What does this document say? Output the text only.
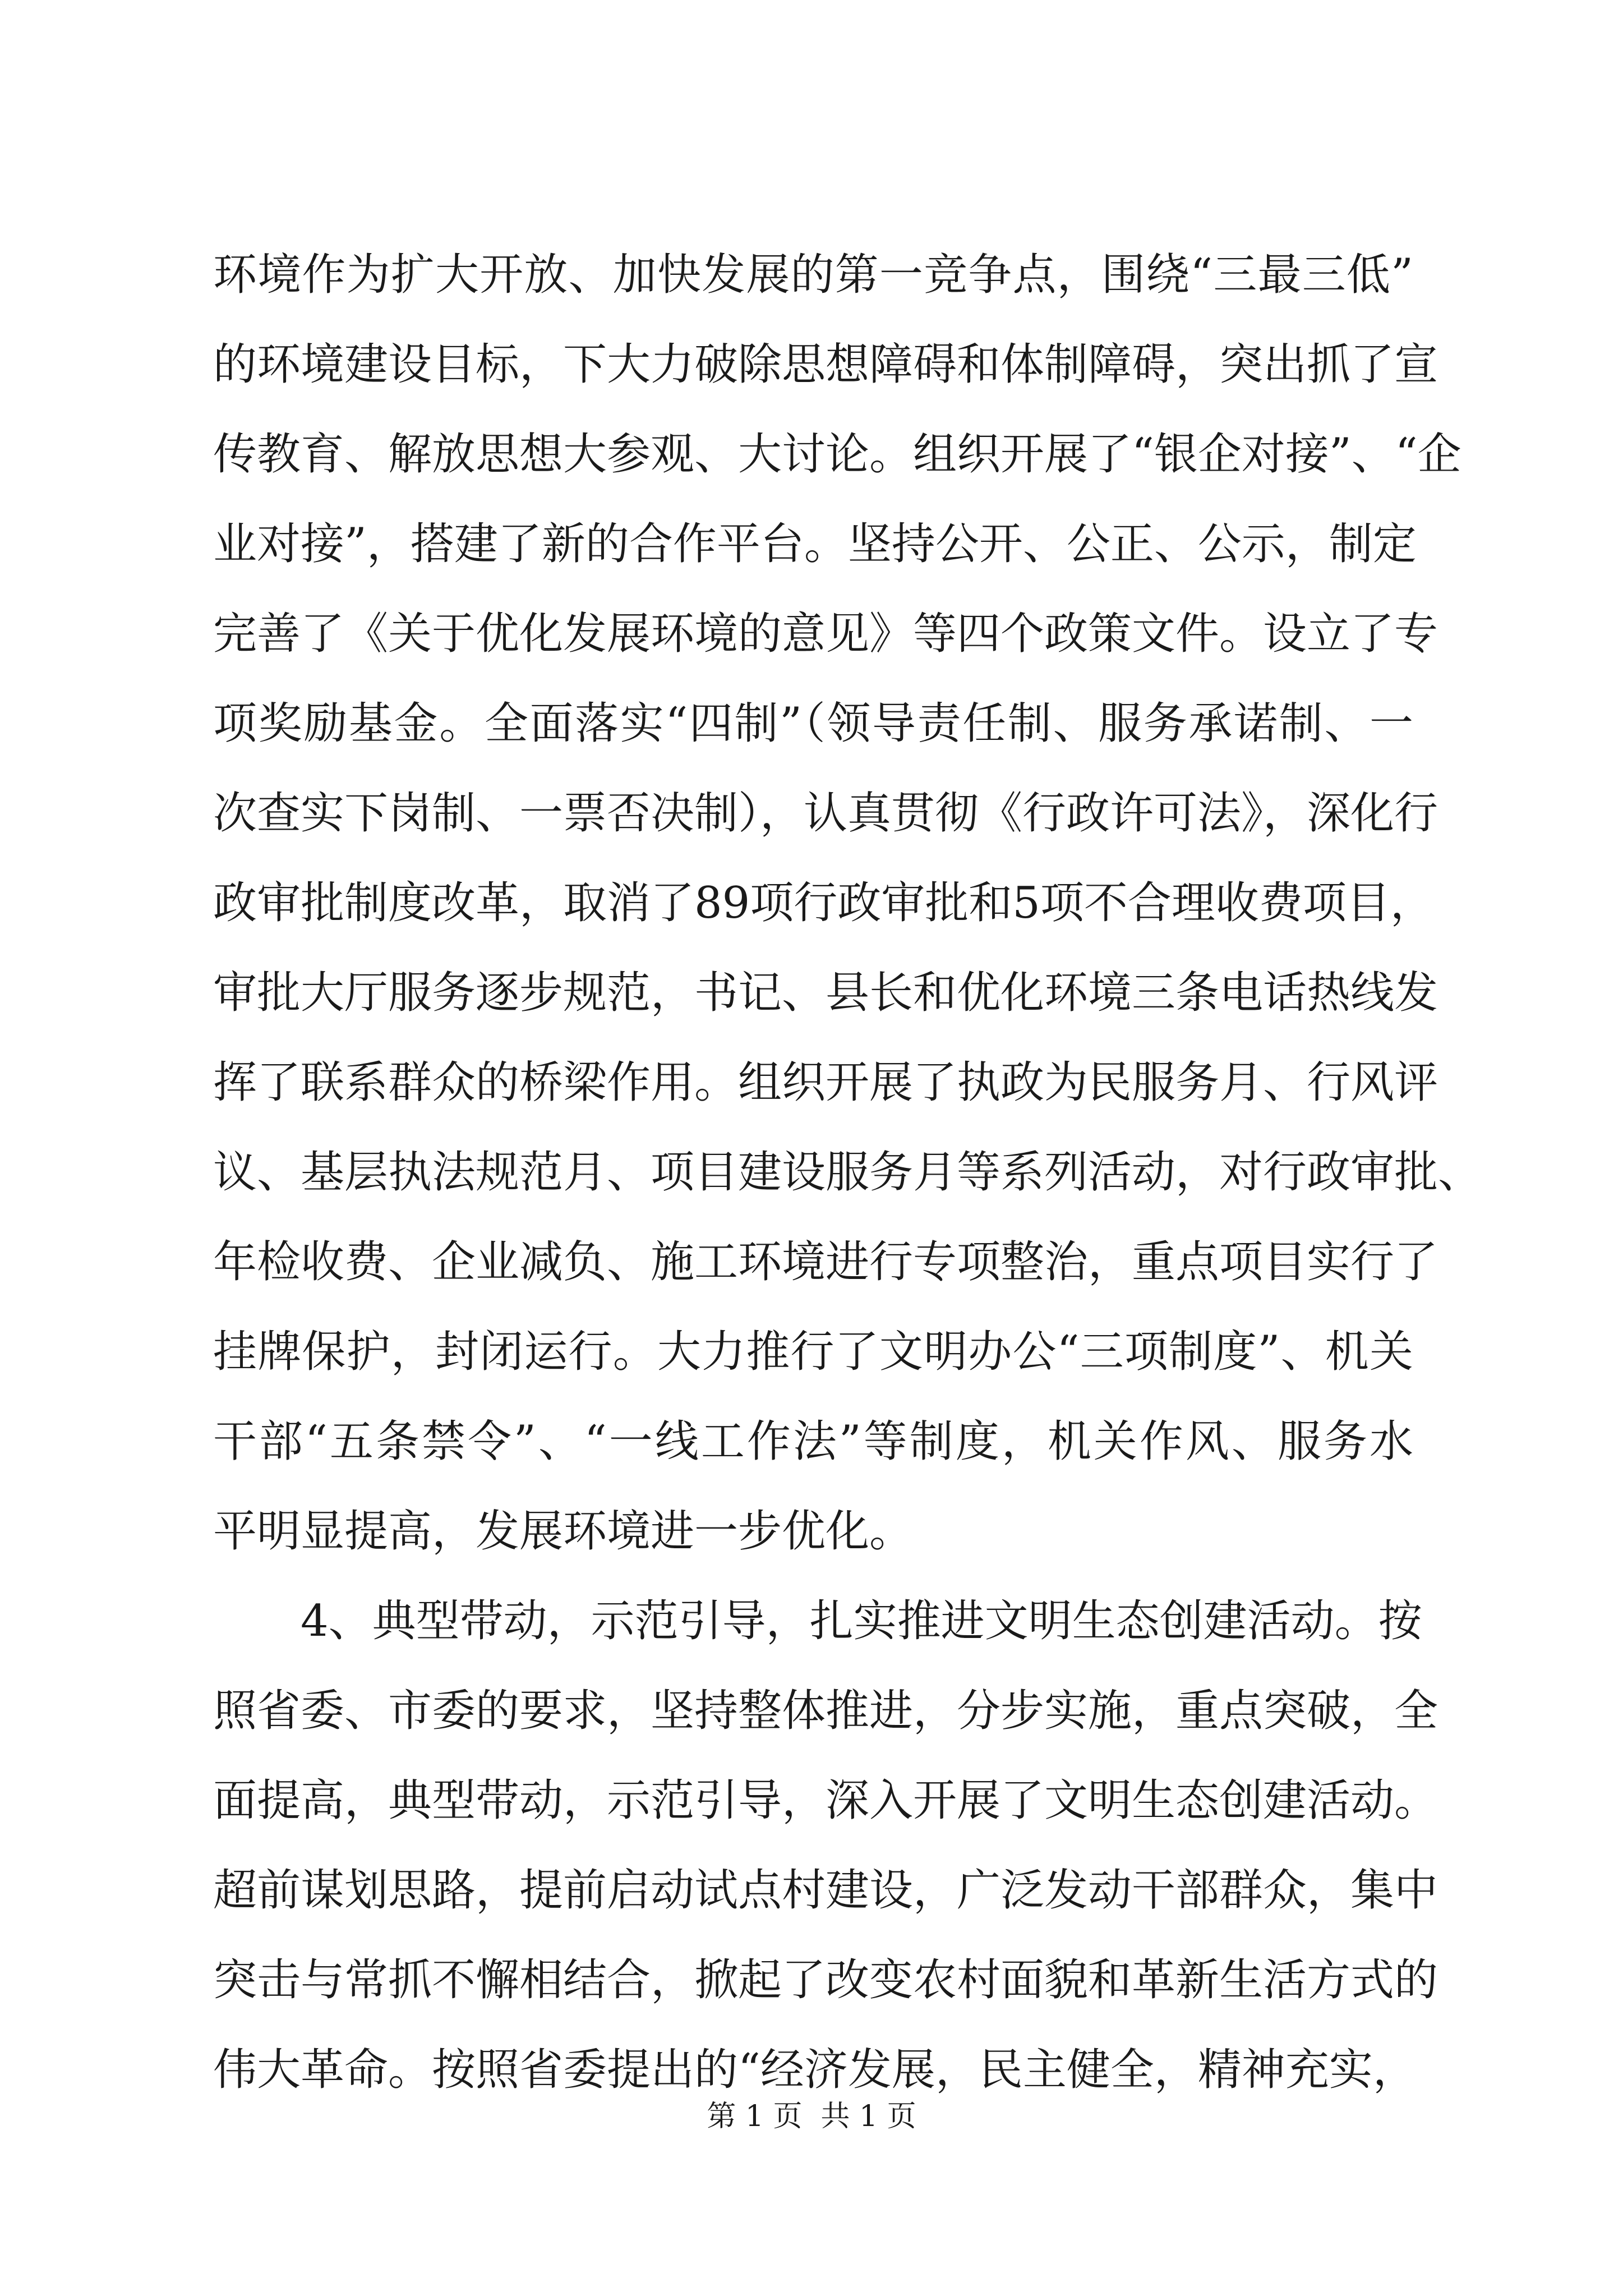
环境作为扩大开放、加快发展的第一竞争点，围绕“三最三低”
的环境建设目标，下大力破除思想障碍和体制障碍，突出抓了宣
传教育、解放思想大参观、大讨论。组织开展了“银企对接”、“企
业对接”，搭建了新的合作平台。坚持公开、公正、公示，制定
完善了《关于优化发展环境的意见》等四个政策文件。设立了专
项奖励基金。全面落实“四制”（领导责任制、服务承诺制、一
次查实下岗制、一票否决制），认真贯彻《行政许可法》，深化行
政审批制度改革，取消了89项行政审批和5项不合理收费项目，
审批大厅服务逐步规范，书记、县长和优化环境三条电话热线发
挥了联系群众的桥梁作用。组织开展了执政为民服务月、行风评
议、基层执法规范月、项目建设服务月等系列活动，对行政审批、
年检收费、企业减负、施工环境进行专项整治，重点项目实行了
挂牌保护，封闭运行。大力推行了文明办公“三项制度”、机关
干部“五条禁令”、“一线工作法”等制度，机关作风、服务水
平明显提高，发展环境进一步优化。
4、典型带动，示范引导，扎实推进文明生态创建活动。按
照省委、市委的要求，坚持整体推进，分步实施，重点突破，全
面提高，典型带动，示范引导，深入开展了文明生态创建活动。
超前谋划思路，提前启动试点村建设，广泛发动干部群众，集中
突击与常抓不懈相结合，掀起了改变农村面貌和革新生活方式的
伟大革命。按照省委提出的“经济发展，民主健全，精神充实，
第 1 页  共 1 页
